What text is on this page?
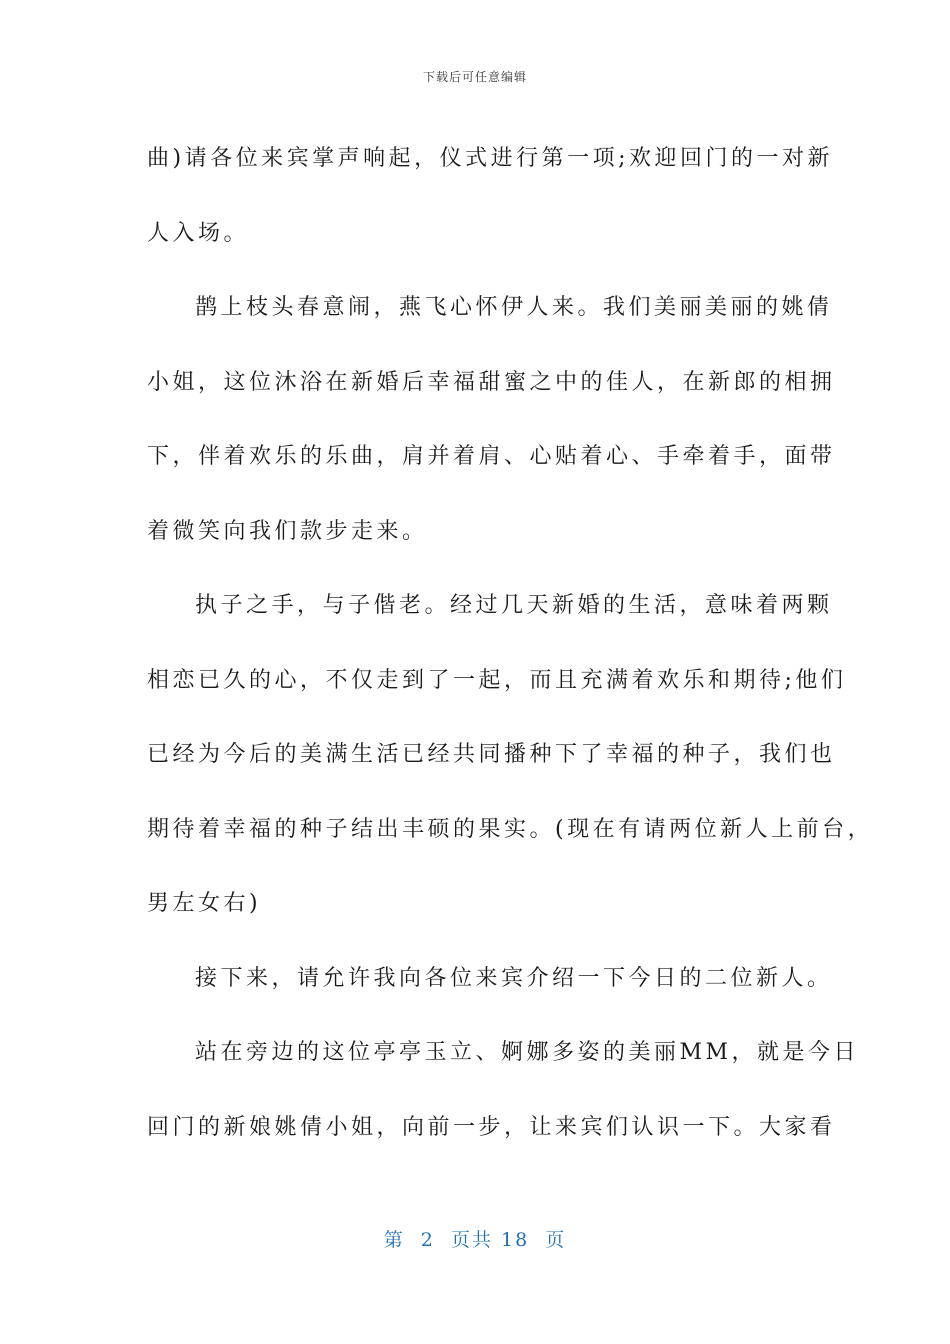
下载后可任意编辑

曲)请各位来宾掌声响起，仪式进行第一项;欢迎回门的一对新
人入场。

鹊上枝头春意闹，燕飞心怀伊人来。我们美丽美丽的姚倩
小姐，这位沐浴在新婚后幸福甜蜜之中的佳人，在新郎的相拥
下，伴着欢乐的乐曲，肩并着肩、心贴着心、手牵着手，面带
着微笑向我们款步走来。

执子之手，与子偕老。经过几天新婚的生活，意味着两颗
相恋已久的心，不仅走到了一起，而且充满着欢乐和期待;他们
已经为今后的美满生活已经共同播种下了幸福的种子，我们也
期待着幸福的种子结出丰硕的果实。(现在有请两位新人上前台，
男左女右)

接下来，请允许我向各位来宾介绍一下今日的二位新人。

站在旁边的这位亭亭玉立、婀娜多姿的美丽MM，就是今日
回门的新娘姚倩小姐，向前一步，让来宾们认识一下。大家看

第  2  页共 18  页
